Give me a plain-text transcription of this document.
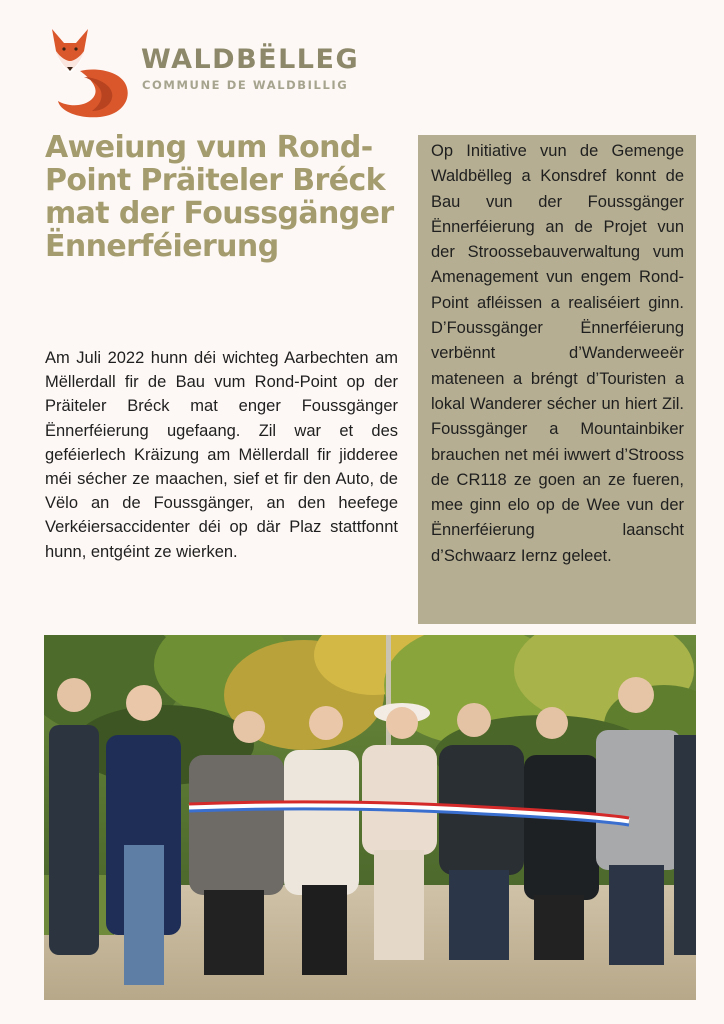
WALDBËLLEG
COMMUNE DE WALDBILLIG
Aweiung vum Rond-Point Präiteler Bréck mat der Foussgänger Ënnerféierung

Am Juli 2022 hunn déi wichteg Aarbechten am Mëllerdall fir de Bau vum Rond-Point op der Präiteler Bréck mat enger Foussgänger Ënnerféierung ugefaang. Zil war et des geféierlech Kräizung am Mëllerdall fir jidderee méi sécher ze maachen, sief et fir den Auto, de Vëlo an de Foussgänger, an den heefege Verkéiersaccidenter déi op där Plaz stattfonnt hunn, entgéint ze wierken.

Op Initiative vun de Gemenge Waldbëlleg a Konsdref konnt de Bau vun der Foussgänger Ënnerféierung an de Projet vun der Stroossebauverwaltung vum Amenagement vun engem Rond-Point afléissen a realiséiert ginn. D’Foussgänger Ënnerféierung verbënnt d’Wanderweeër mateneen a bréngt d’Touristen a lokal Wanderer sécher un hiert Zil. Foussgänger a Mountainbiker brauchen net méi iwwert d’Strooss de CR118 ze goen an ze fueren, mee ginn elo op de Wee vun der Ënnerféierung laanscht d’Schwaarz Iernz geleet.
